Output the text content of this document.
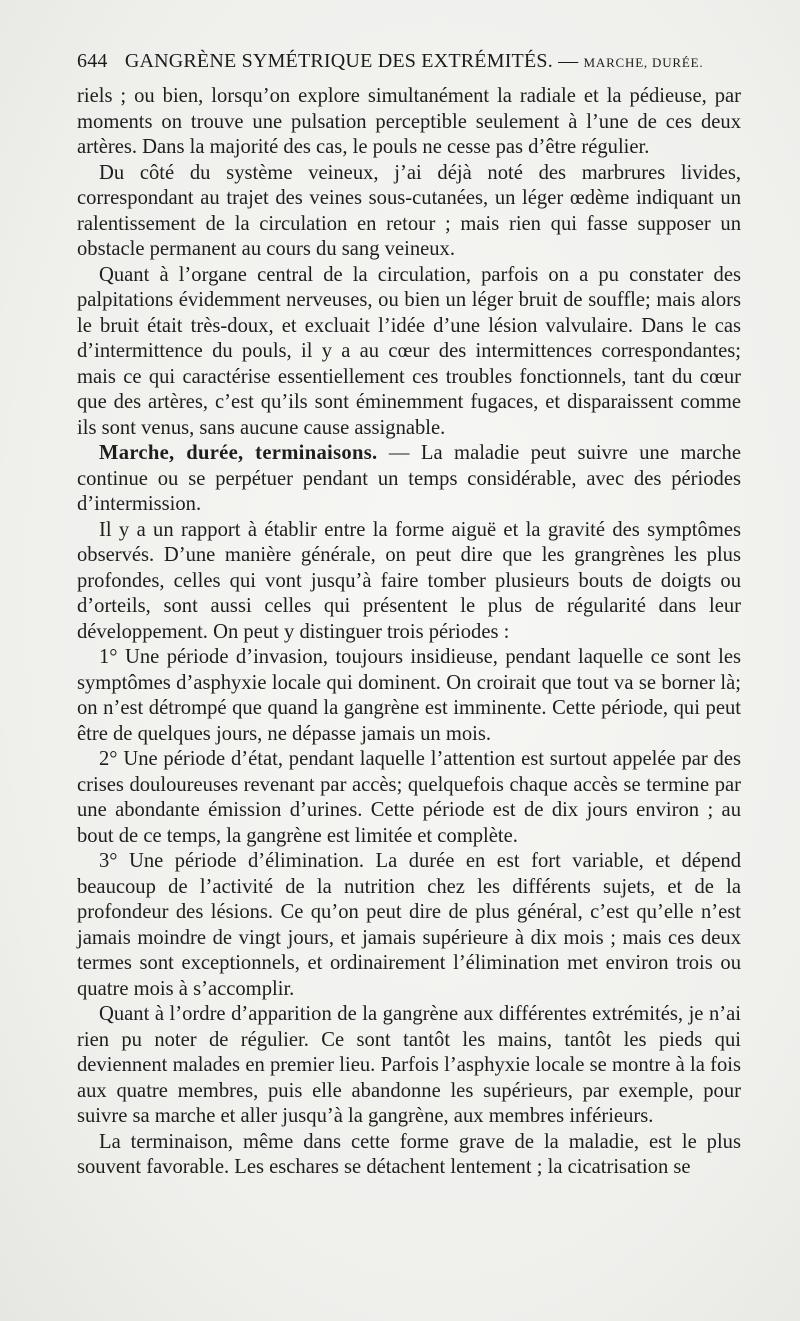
644 GANGRÈNE SYMÉTRIQUE DES EXTRÉMITÉS. — MARCHE, DURÉE.

riels ; ou bien, lorsqu’on explore simultanément la radiale et la pédieuse, par moments on trouve une pulsation perceptible seulement à l’une de ces deux artères. Dans la majorité des cas, le pouls ne cesse pas d’être régulier.

Du côté du système veineux, j’ai déjà noté des marbrures livides, correspondant au trajet des veines sous-cutanées, un léger œdème indiquant un ralentissement de la circulation en retour ; mais rien qui fasse supposer un obstacle permanent au cours du sang veineux.

Quant à l’organe central de la circulation, parfois on a pu constater des palpitations évidemment nerveuses, ou bien un léger bruit de souffle; mais alors le bruit était très-doux, et excluait l’idée d’une lésion valvulaire. Dans le cas d’intermittence du pouls, il y a au cœur des intermittences correspondantes; mais ce qui caractérise essentiellement ces troubles fonctionnels, tant du cœur que des artères, c’est qu’ils sont éminemment fugaces, et disparaissent comme ils sont venus, sans aucune cause assignable.

Marche, durée, terminaisons. — La maladie peut suivre une marche continue ou se perpétuer pendant un temps considérable, avec des périodes d’intermission.

Il y a un rapport à établir entre la forme aiguë et la gravité des symptômes observés. D’une manière générale, on peut dire que les grangrènes les plus profondes, celles qui vont jusqu’à faire tomber plusieurs bouts de doigts ou d’orteils, sont aussi celles qui présentent le plus de régularité dans leur développement. On peut y distinguer trois périodes :

1° Une période d’invasion, toujours insidieuse, pendant laquelle ce sont les symptômes d’asphyxie locale qui dominent. On croirait que tout va se borner là; on n’est détrompé que quand la gangrène est imminente. Cette période, qui peut être de quelques jours, ne dépasse jamais un mois.

2° Une période d’état, pendant laquelle l’attention est surtout appelée par des crises douloureuses revenant par accès; quelquefois chaque accès se termine par une abondante émission d’urines. Cette période est de dix jours environ ; au bout de ce temps, la gangrène est limitée et complète.

3° Une période d’élimination. La durée en est fort variable, et dépend beaucoup de l’activité de la nutrition chez les différents sujets, et de la profondeur des lésions. Ce qu’on peut dire de plus général, c’est qu’elle n’est jamais moindre de vingt jours, et jamais supérieure à dix mois ; mais ces deux termes sont exceptionnels, et ordinairement l’élimination met environ trois ou quatre mois à s’accomplir.

Quant à l’ordre d’apparition de la gangrène aux différentes extrémités, je n’ai rien pu noter de régulier. Ce sont tantôt les mains, tantôt les pieds qui deviennent malades en premier lieu. Parfois l’asphyxie locale se montre à la fois aux quatre membres, puis elle abandonne les supérieurs, par exemple, pour suivre sa marche et aller jusqu’à la gangrène, aux membres inférieurs.

La terminaison, même dans cette forme grave de la maladie, est le plus souvent favorable. Les eschares se détachent lentement ; la cicatrisation se
